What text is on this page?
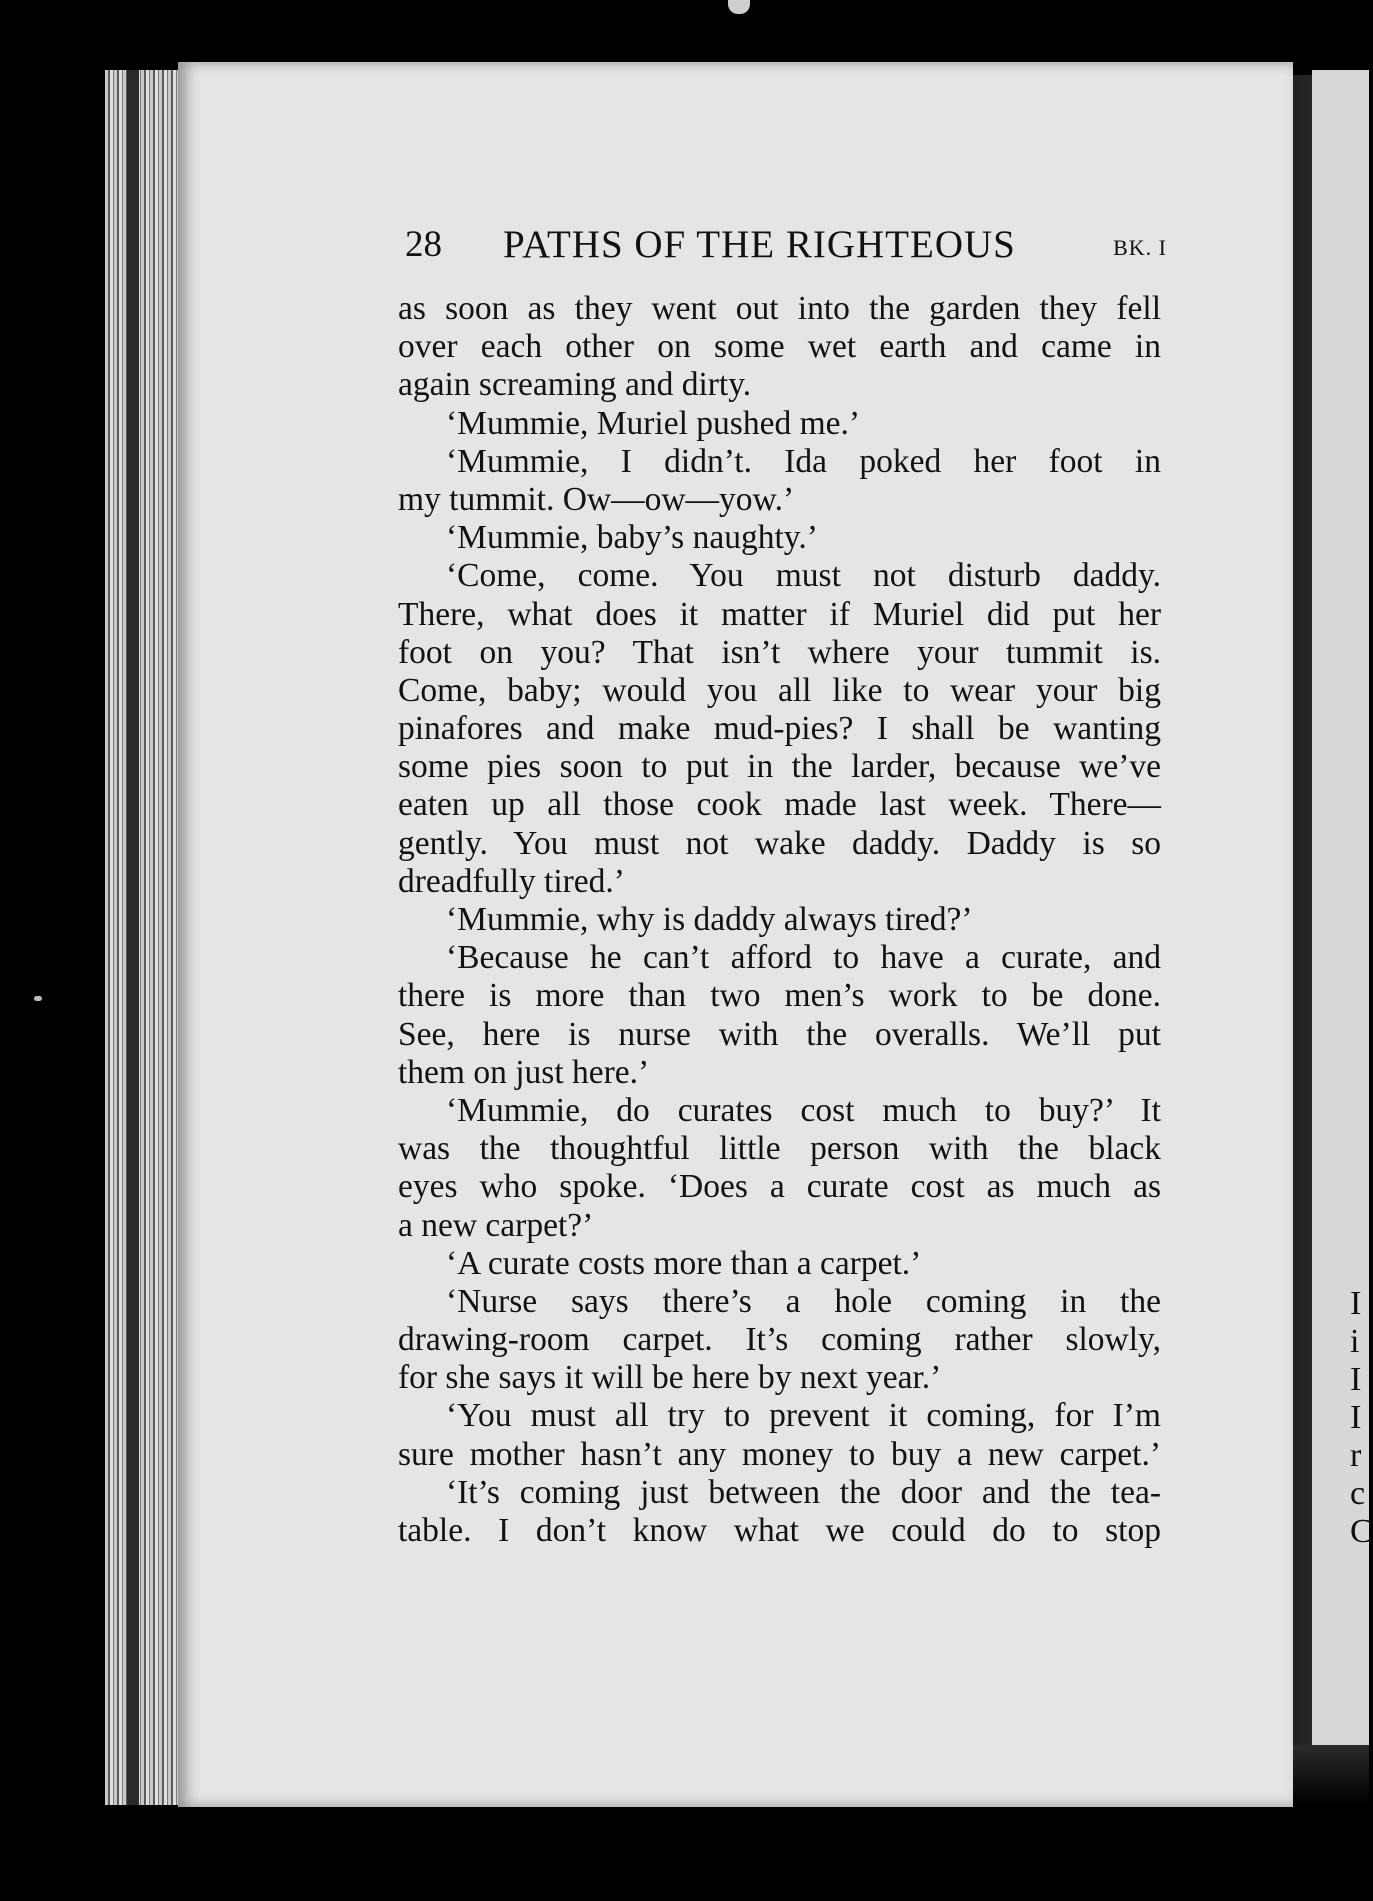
I
i
I
I
r
c
C
28 PATHS OF THE RIGHTEOUS	BK. I
as soon as they went out into the garden they fell
over each other on some wet earth and came in
again screaming and dirty.
‘Mummie, Muriel pushed me.’
‘Mummie, I didn’t. Ida poked her foot in
my tummit. Ow—ow—yow.’
‘Mummie, baby’s naughty.’
‘Come, come. You must not disturb daddy.
There, what does it matter if Muriel did put her
foot on you? That isn’t where your tummit is.
Come, baby; would you all like to wear your big
pinafores and make mud-pies? I shall be wanting
some pies soon to put in the larder, because we’ve
eaten up all those cook made last week. There—
gently. You must not wake daddy. Daddy is so
dreadfully tired.’
‘Mummie, why is daddy always tired?’
‘Because he can’t afford to have a curate, and
there is more than two men’s work to be done.
See, here is nurse with the overalls. We’ll put
them on just here.’
‘Mummie, do curates cost much to buy?’ It
was the thoughtful little person with the black
eyes who spoke. ‘Does a curate cost as much as
a new carpet?’
‘A curate costs more than a carpet.’
‘Nurse says there’s a hole coming in the
drawing-room carpet. It’s coming rather slowly,
for she says it will be here by next year.’
‘You must all try to prevent it coming, for I’m
sure mother hasn’t any money to buy a new carpet.’
‘It’s coming just between the door and the tea-
table. I don’t know what we could do to stop
